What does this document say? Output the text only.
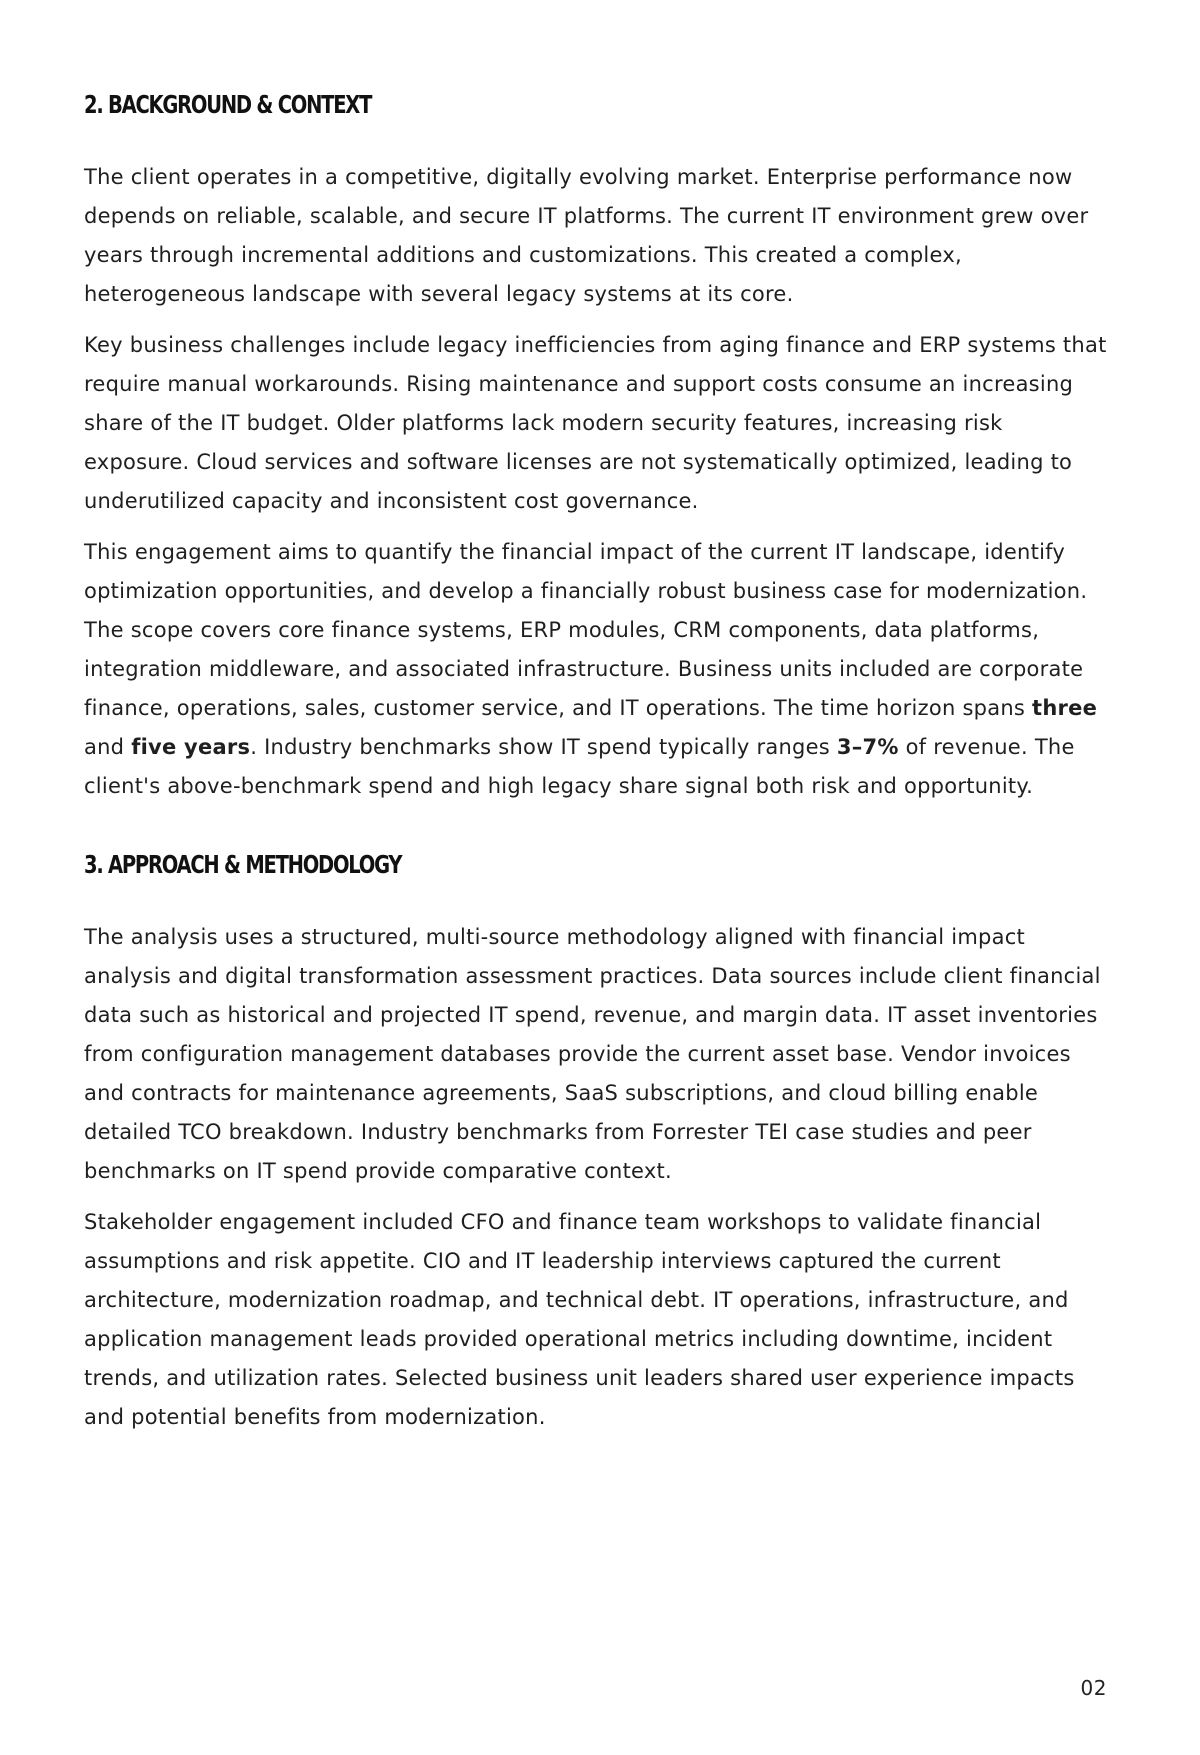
2. BACKGROUND & CONTEXT

The client operates in a competitive, digitally evolving market. Enterprise performance now depends on reliable, scalable, and secure IT platforms. The current IT environment grew over years through incremental additions and customizations. This created a complex, heterogeneous landscape with several legacy systems at its core.

Key business challenges include legacy inefficiencies from aging finance and ERP systems that require manual workarounds. Rising maintenance and support costs consume an increasing share of the IT budget. Older platforms lack modern security features, increasing risk exposure. Cloud services and software licenses are not systematically optimized, leading to underutilized capacity and inconsistent cost governance.

This engagement aims to quantify the financial impact of the current IT landscape, identify optimization opportunities, and develop a financially robust business case for modernization. The scope covers core finance systems, ERP modules, CRM components, data platforms, integration middleware, and associated infrastructure. Business units included are corporate finance, operations, sales, customer service, and IT operations. The time horizon spans three and five years. Industry benchmarks show IT spend typically ranges 3–7% of revenue. The client's above-benchmark spend and high legacy share signal both risk and opportunity.

3. APPROACH & METHODOLOGY

The analysis uses a structured, multi-source methodology aligned with financial impact analysis and digital transformation assessment practices. Data sources include client financial data such as historical and projected IT spend, revenue, and margin data. IT asset inventories from configuration management databases provide the current asset base. Vendor invoices and contracts for maintenance agreements, SaaS subscriptions, and cloud billing enable detailed TCO breakdown. Industry benchmarks from Forrester TEI case studies and peer benchmarks on IT spend provide comparative context.

Stakeholder engagement included CFO and finance team workshops to validate financial assumptions and risk appetite. CIO and IT leadership interviews captured the current architecture, modernization roadmap, and technical debt. IT operations, infrastructure, and application management leads provided operational metrics including downtime, incident trends, and utilization rates. Selected business unit leaders shared user experience impacts and potential benefits from modernization.

02
